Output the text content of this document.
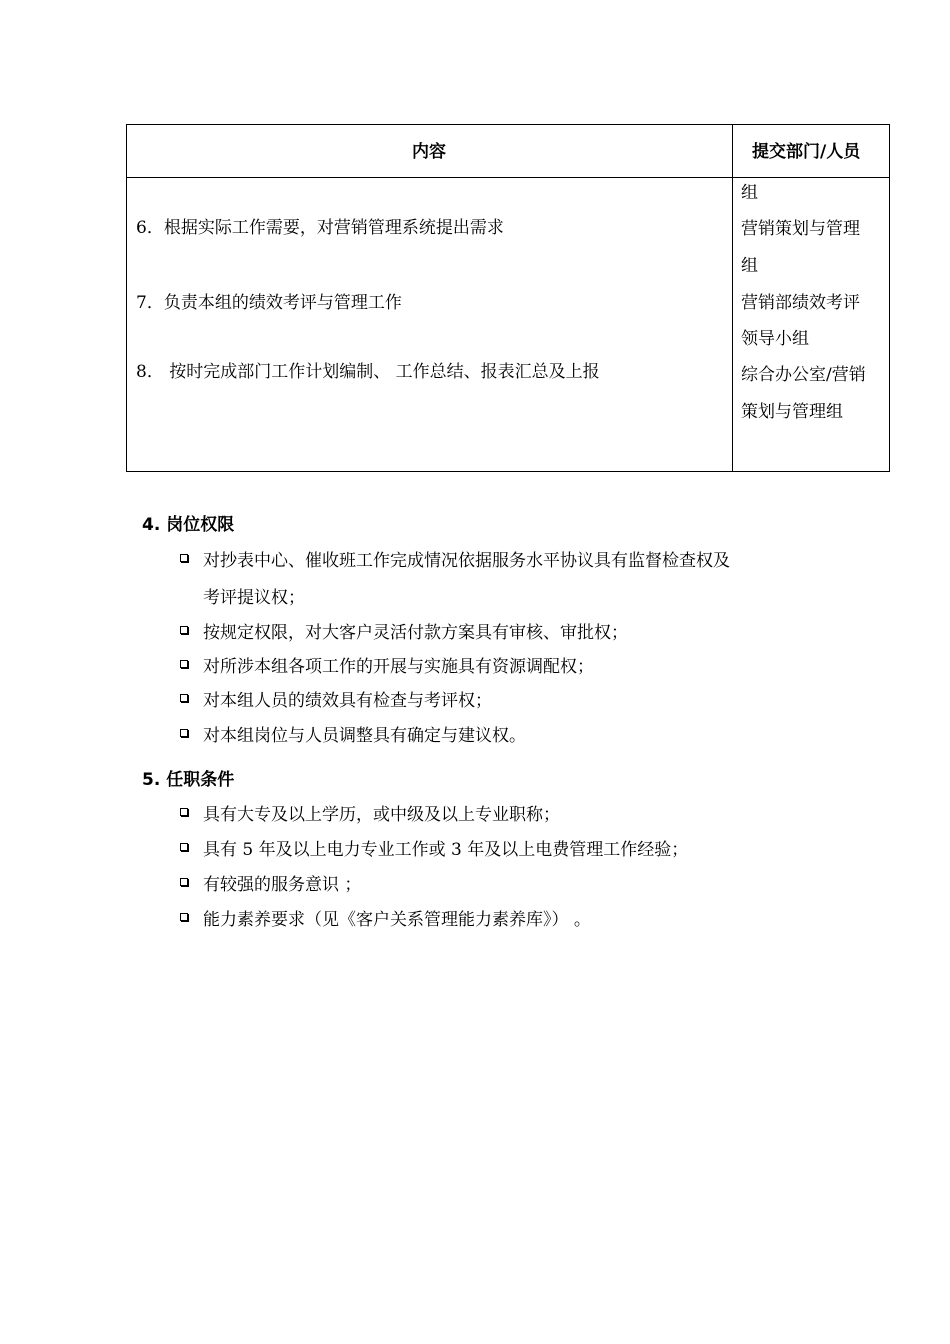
内容	提交部门/人员
6．根据实际工作需要，对营销管理系统提出需求
7．负责本组的绩效考评与管理工作
8． 按时完成部门工作计划编制、 工作总结、报表汇总及上报
组
营销策划与管理
组
营销部绩效考评
领导小组
综合办公室/营销
策划与管理组
4. 岗位权限
对抄表中心、催收班工作完成情况依据服务水平协议具有监督检查权及
考评提议权；
按规定权限，对大客户灵活付款方案具有审核、审批权；
对所涉本组各项工作的开展与实施具有资源调配权；
对本组人员的绩效具有检查与考评权；
对本组岗位与人员调整具有确定与建议权。
5. 任职条件
具有大专及以上学历，或中级及以上专业职称；
具有 5 年及以上电力专业工作或 3 年及以上电费管理工作经验；
有较强的服务意识 ；
能力素养要求（见《客户关系管理能力素养库》） 。
